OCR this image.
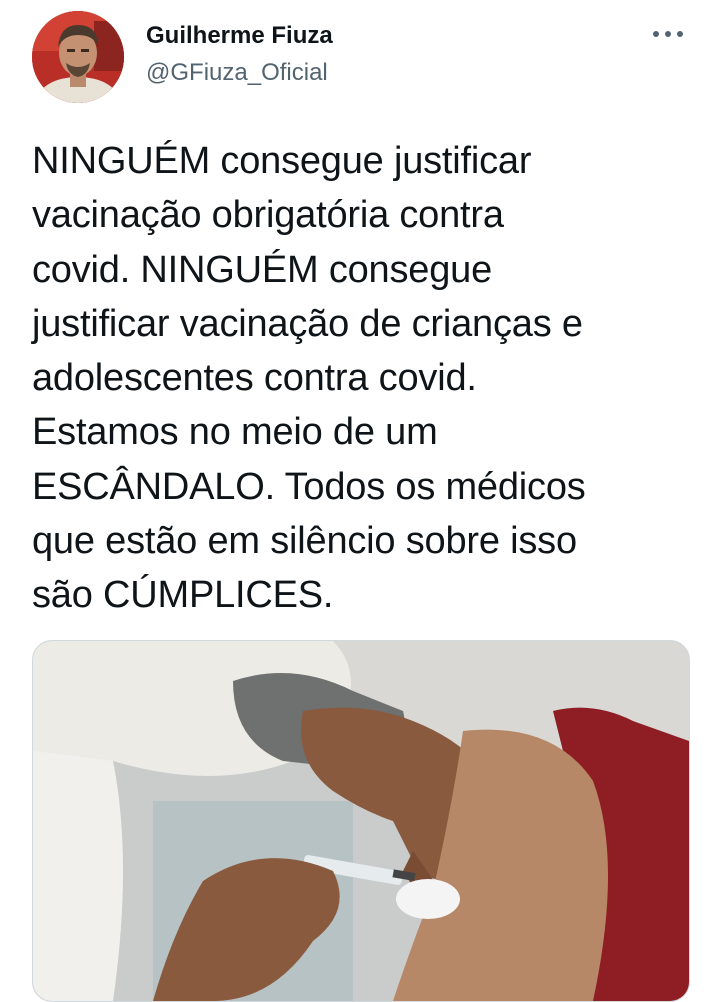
Guilherme Fiuza
@GFiuza_Oficial
NINGUÉM consegue justificar
vacinação obrigatória contra
covid. NINGUÉM consegue
justificar vacinação de crianças e
adolescentes contra covid.
Estamos no meio de um
ESCÂNDALO. Todos os médicos
que estão em silêncio sobre isso
são CÚMPLICES.
